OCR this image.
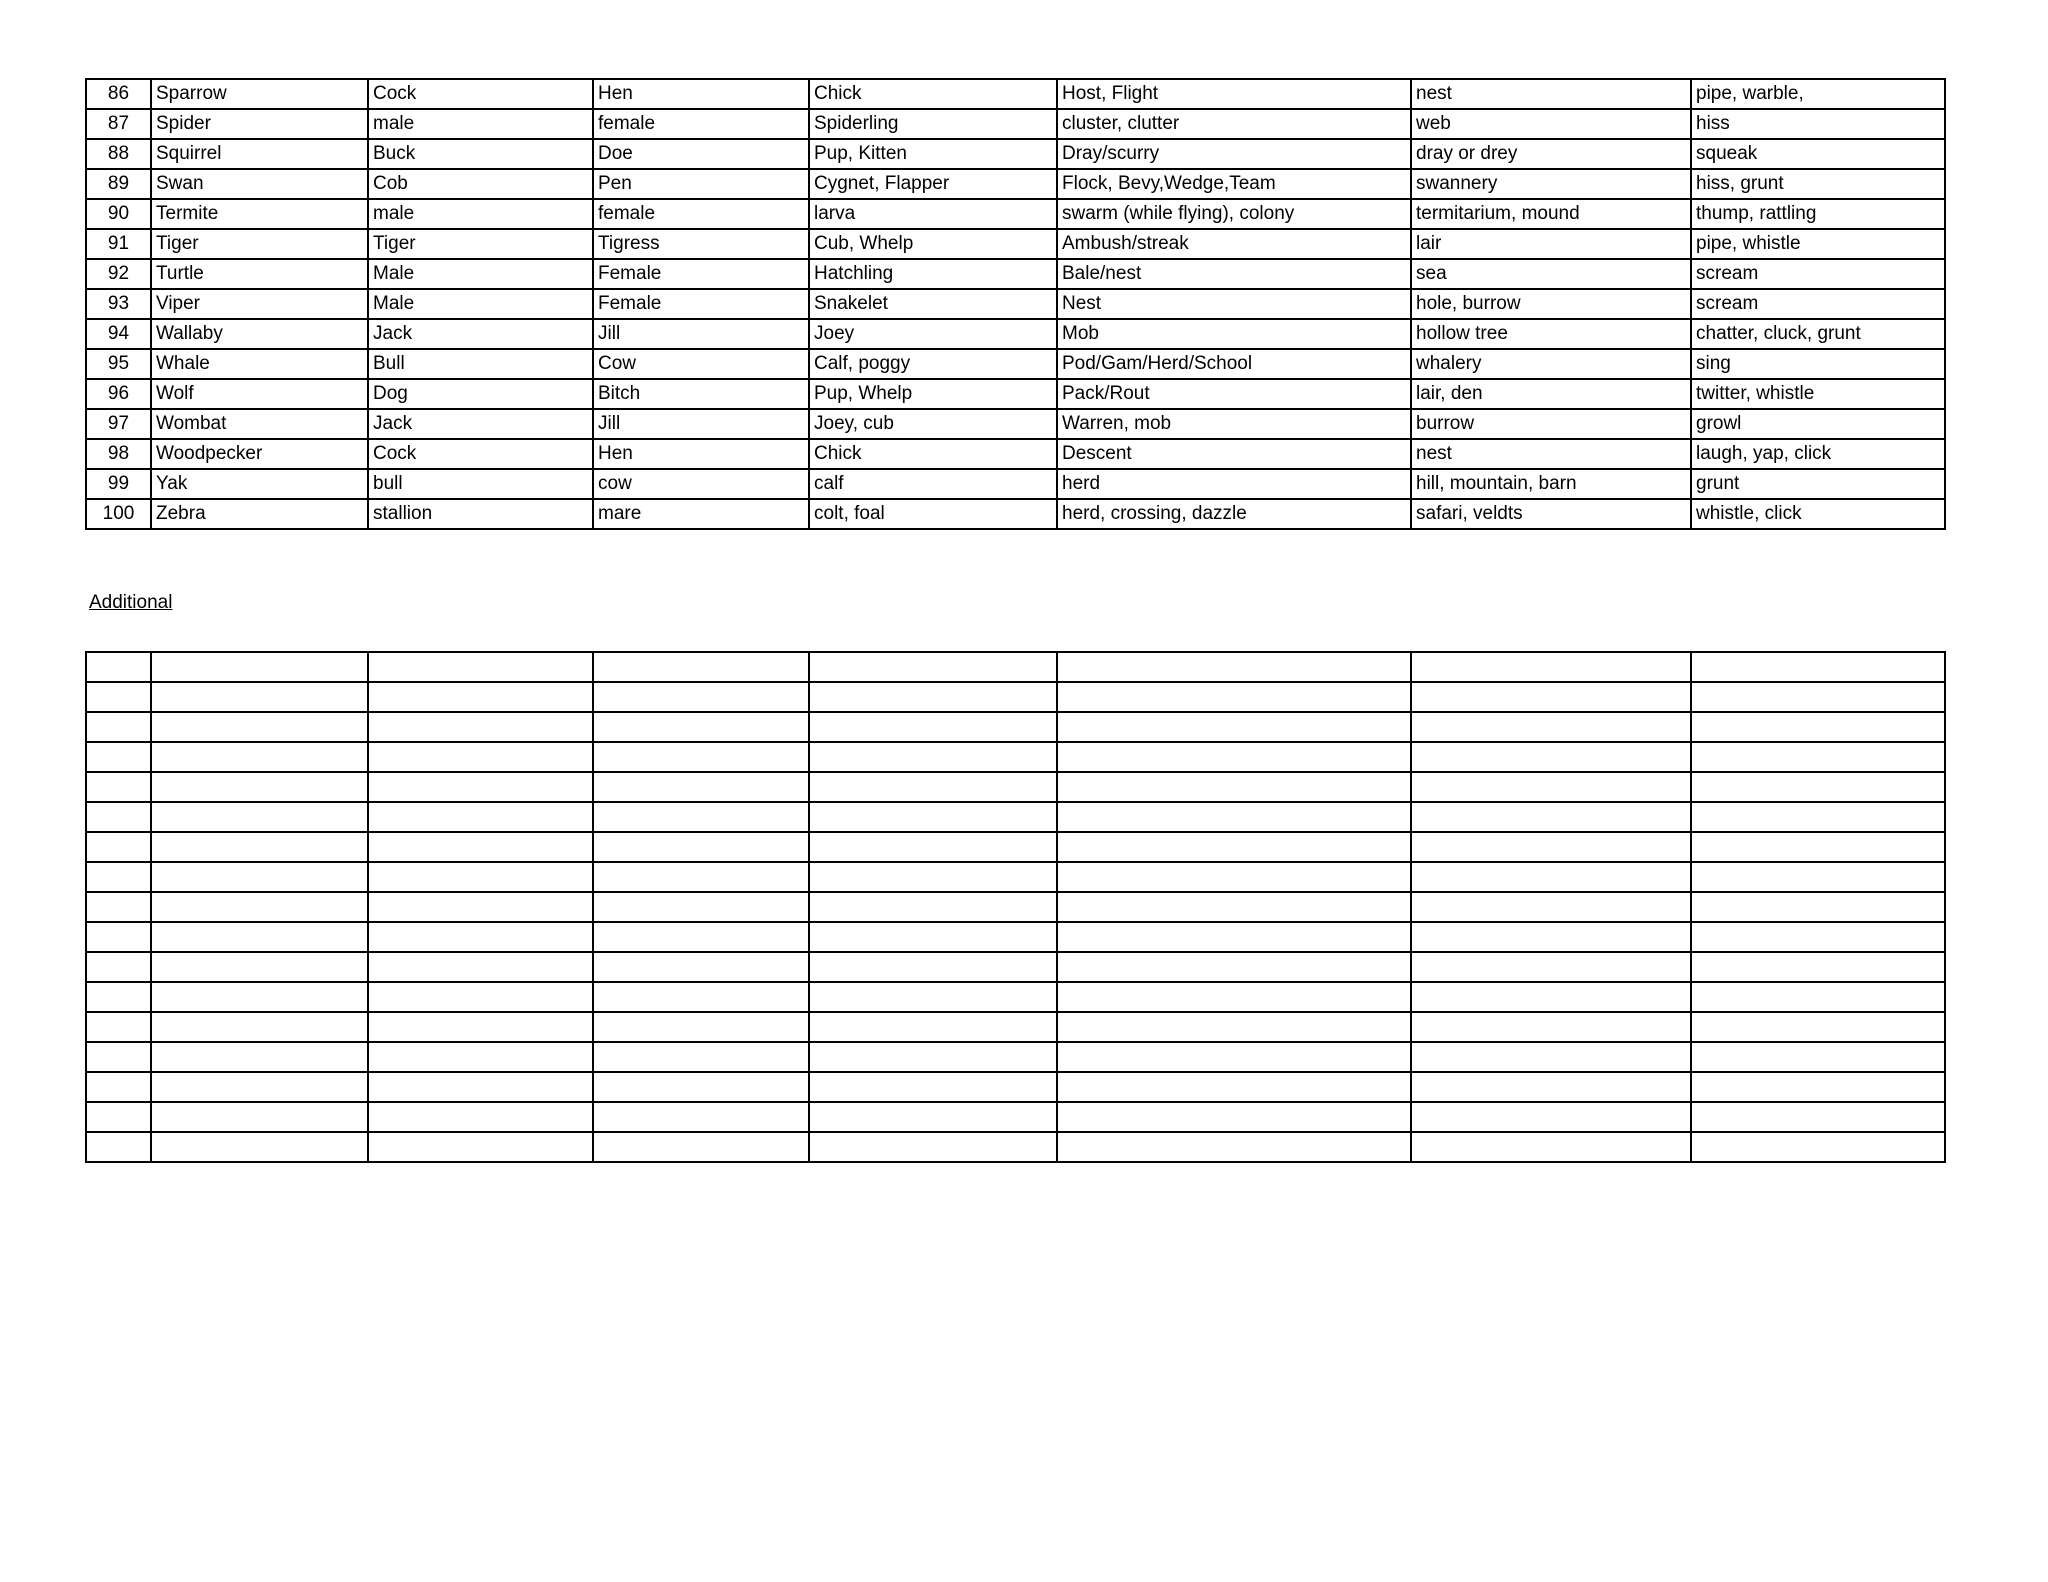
86	Sparrow	Cock	Hen	Chick	Host, Flight	nest	pipe, warble,
87	Spider	male	female	Spiderling	cluster, clutter	web	hiss
88	Squirrel	Buck	Doe	Pup, Kitten	Dray/scurry	dray or drey	squeak
89	Swan	Cob	Pen	Cygnet, Flapper	Flock, Bevy,Wedge,Team	swannery	hiss, grunt
90	Termite	male	female	larva	swarm (while flying), colony	termitarium, mound	thump, rattling
91	Tiger	Tiger	Tigress	Cub, Whelp	Ambush/streak	lair	pipe, whistle
92	Turtle	Male	Female	Hatchling	Bale/nest	sea	scream
93	Viper	Male	Female	Snakelet	Nest	hole, burrow	scream
94	Wallaby	Jack	Jill	Joey	Mob	hollow tree	chatter, cluck, grunt
95	Whale	Bull	Cow	Calf, poggy	Pod/Gam/Herd/School	whalery	sing
96	Wolf	Dog	Bitch	Pup, Whelp	Pack/Rout	lair, den	twitter, whistle
97	Wombat	Jack	Jill	Joey, cub	Warren, mob	burrow	growl
98	Woodpecker	Cock	Hen	Chick	Descent	nest	laugh, yap, click
99	Yak	bull	cow	calf	herd	hill, mountain, barn	grunt
100	Zebra	stallion	mare	colt, foal	herd, crossing, dazzle	safari, veldts	whistle, click
Additional
